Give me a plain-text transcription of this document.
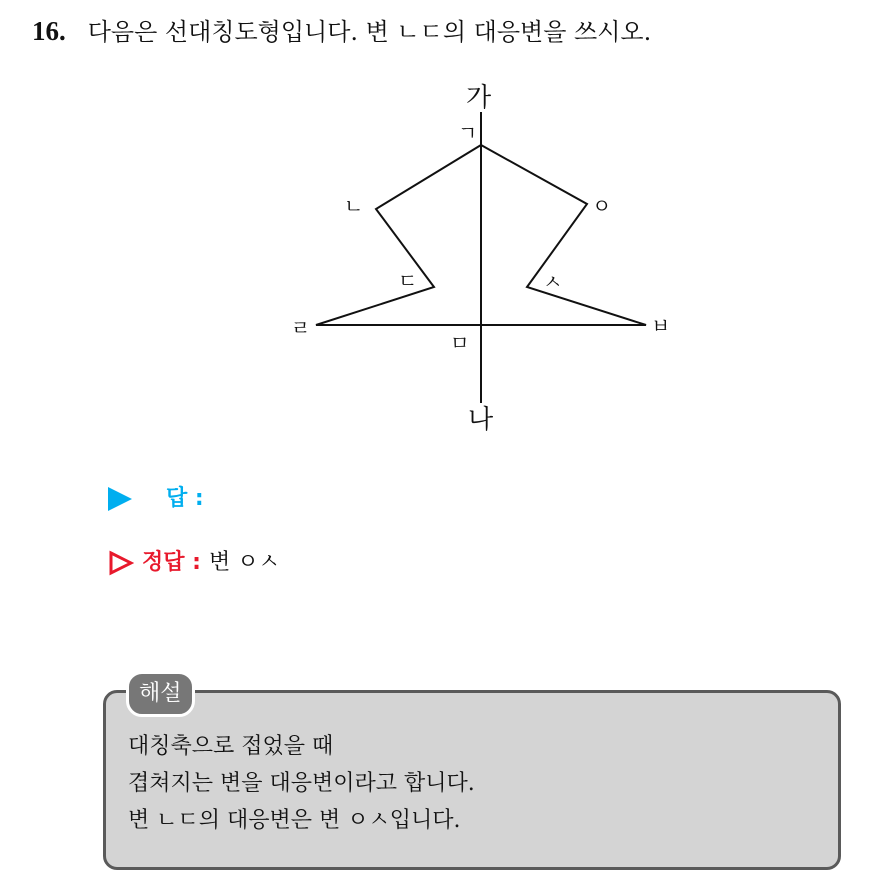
16. 다음은 선대칭도형입니다. 변 ㄴㄷ의 대응변을 쓰시오.
가
나
ㄱ
ㄴ
ㄷ
ㄹ
ㅁ
ㅂ
ㅅ
ㅇ
답 :
정답 : 변 ㅇㅅ
해설
대칭축으로 접었을 때
겹쳐지는 변을 대응변이라고 합니다.
변 ㄴㄷ의 대응변은 변 ㅇㅅ입니다.
